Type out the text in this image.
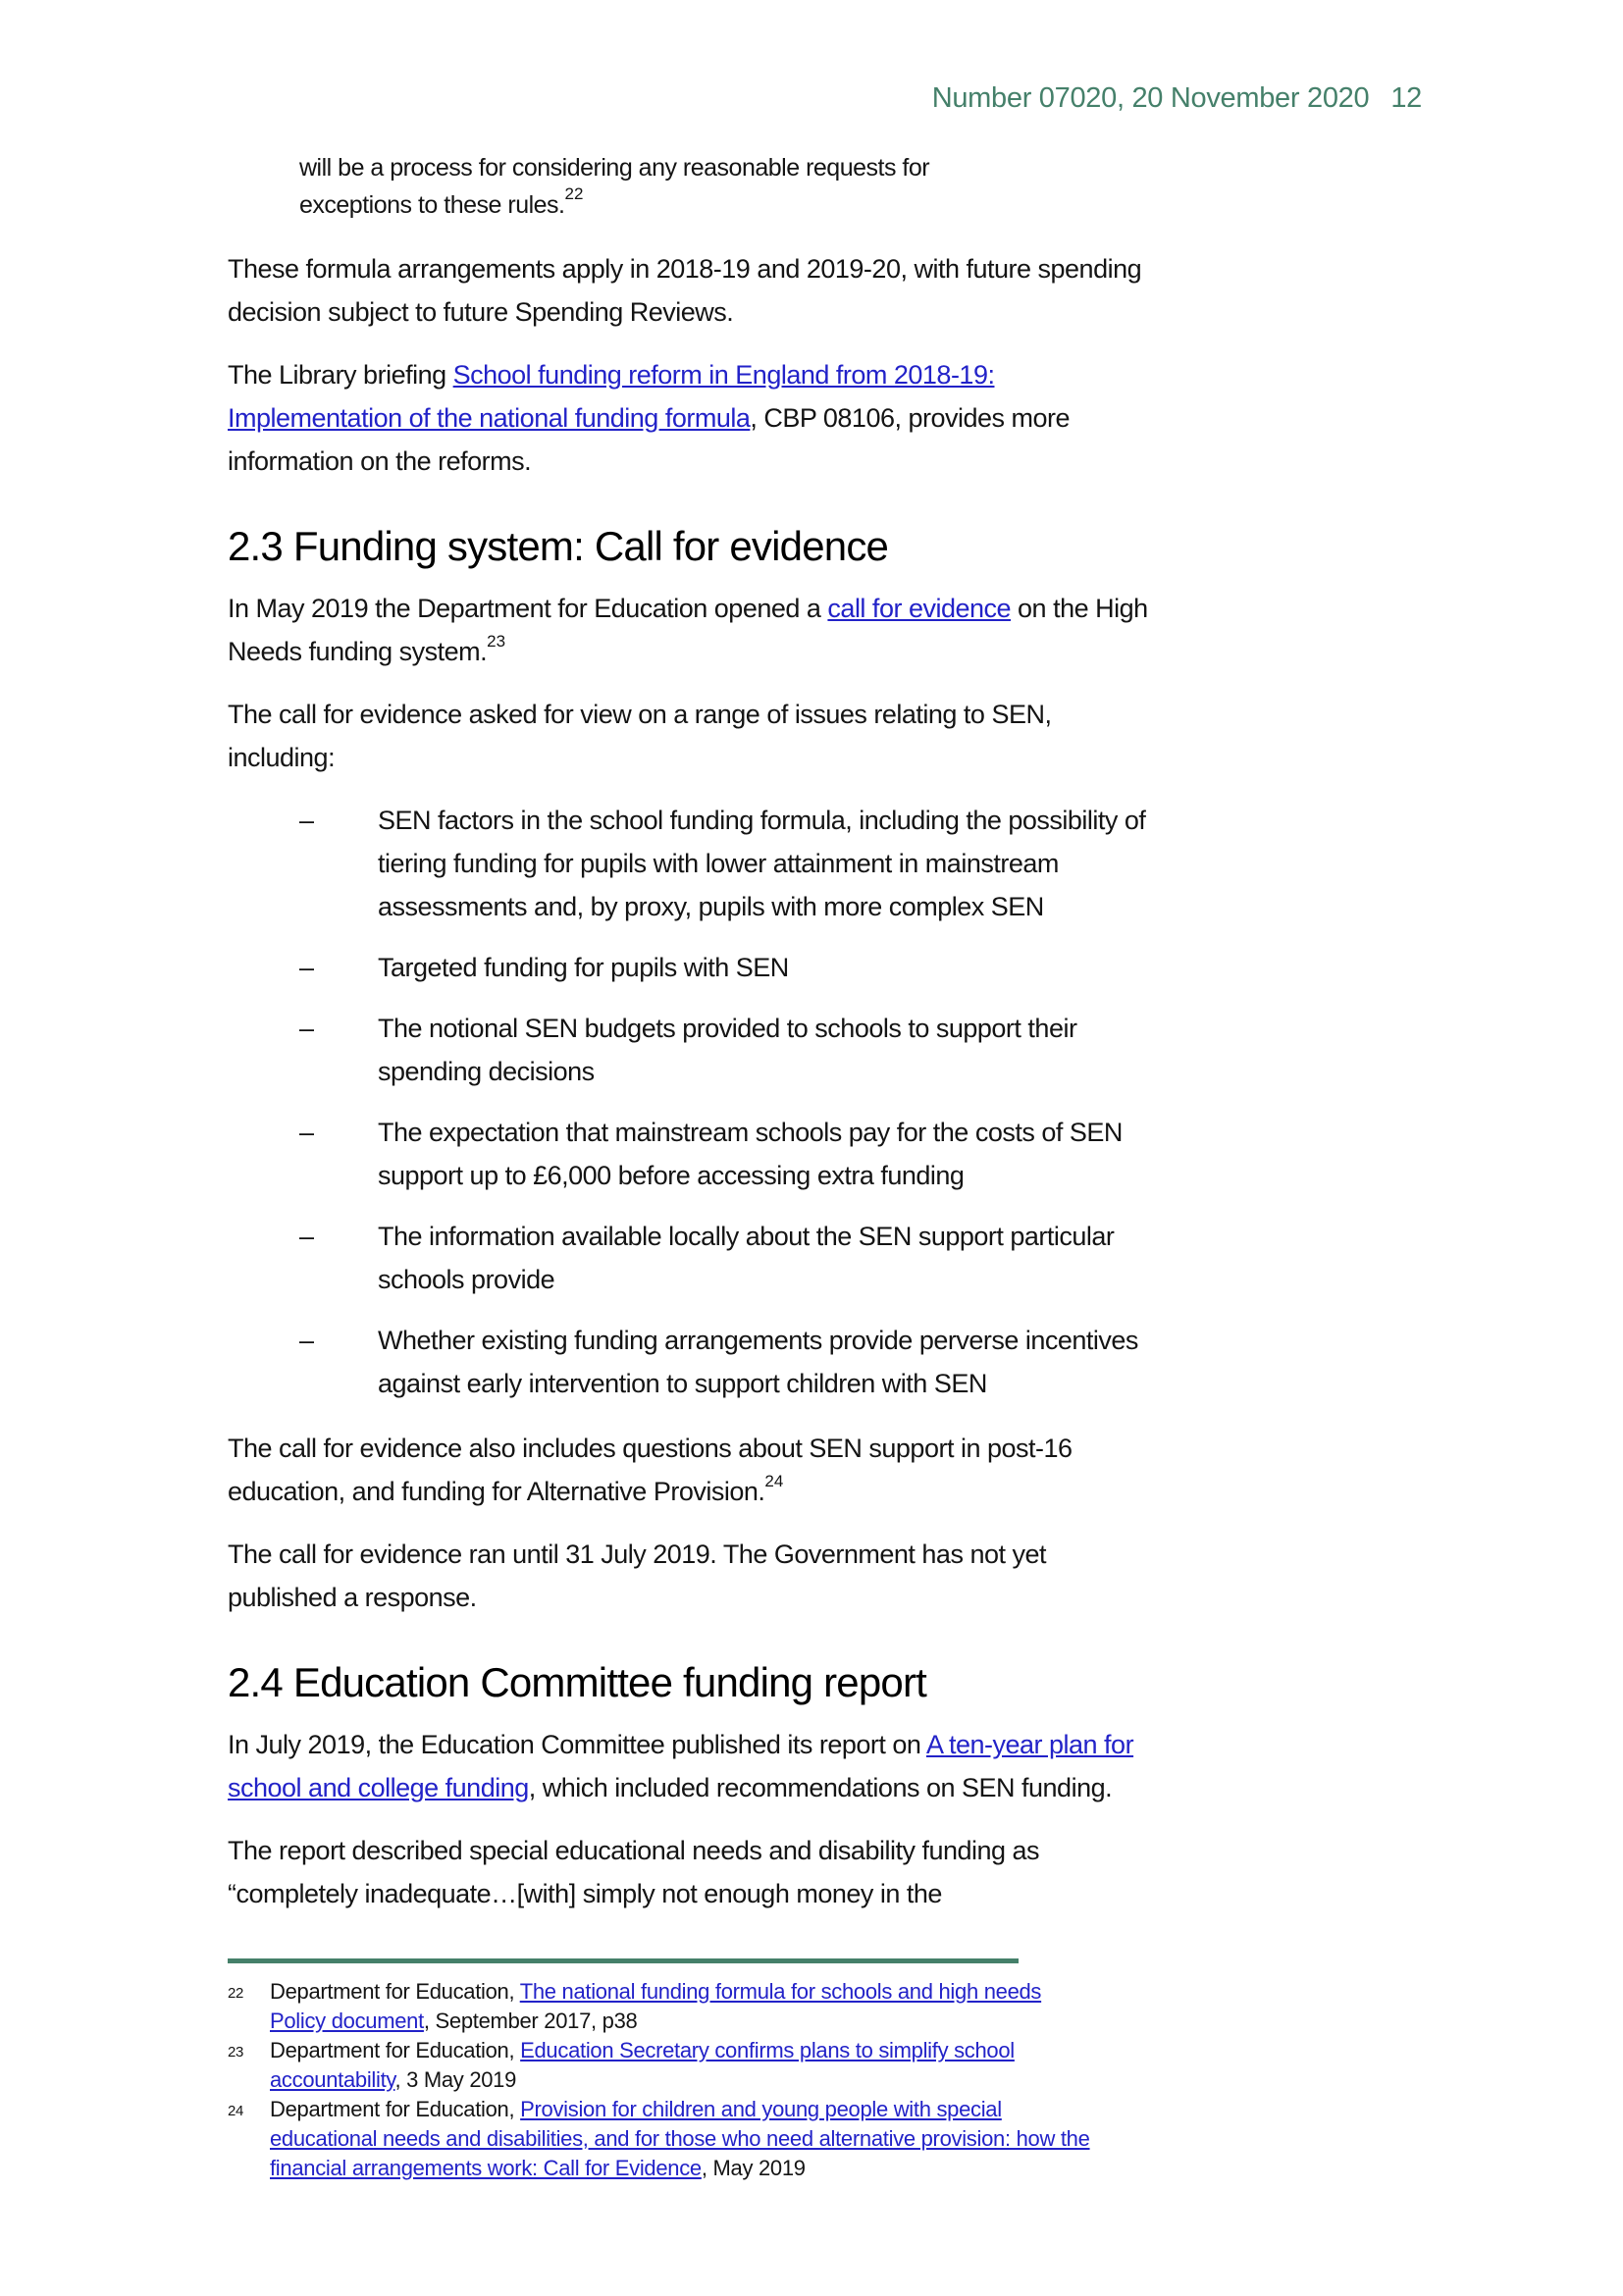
Number 07020, 20 November 2020 12

will be a process for considering any reasonable requests for exceptions to these rules.$^{22}$

These formula arrangements apply in 2018-19 and 2019-20, with future spending decision subject to future Spending Reviews.

The Library briefing School funding reform in England from 2018-19: Implementation of the national funding formula, CBP 08106, provides more information on the reforms.

2.3 Funding system: Call for evidence

In May 2019 the Department for Education opened a call for evidence on the High Needs funding system.$^{23}$

The call for evidence asked for view on a range of issues relating to SEN, including:

–	SEN factors in the school funding formula, including the possibility of tiering funding for pupils with lower attainment in mainstream assessments and, by proxy, pupils with more complex SEN
–	Targeted funding for pupils with SEN
–	The notional SEN budgets provided to schools to support their spending decisions
–	The expectation that mainstream schools pay for the costs of SEN support up to £6,000 before accessing extra funding
–	The information available locally about the SEN support particular schools provide
–	Whether existing funding arrangements provide perverse incentives against early intervention to support children with SEN

The call for evidence also includes questions about SEN support in post-16 education, and funding for Alternative Provision.$^{24}$

The call for evidence ran until 31 July 2019. The Government has not yet published a response.

2.4 Education Committee funding report

In July 2019, the Education Committee published its report on A ten-year plan for school and college funding, which included recommendations on SEN funding.

The report described special educational needs and disability funding as “completely inadequate…[with] simply not enough money in the

22	Department for Education, The national funding formula for schools and high needs Policy document, September 2017, p38
23	Department for Education, Education Secretary confirms plans to simplify school accountability, 3 May 2019
24	Department for Education, Provision for children and young people with special educational needs and disabilities, and for those who need alternative provision: how the financial arrangements work: Call for Evidence, May 2019
